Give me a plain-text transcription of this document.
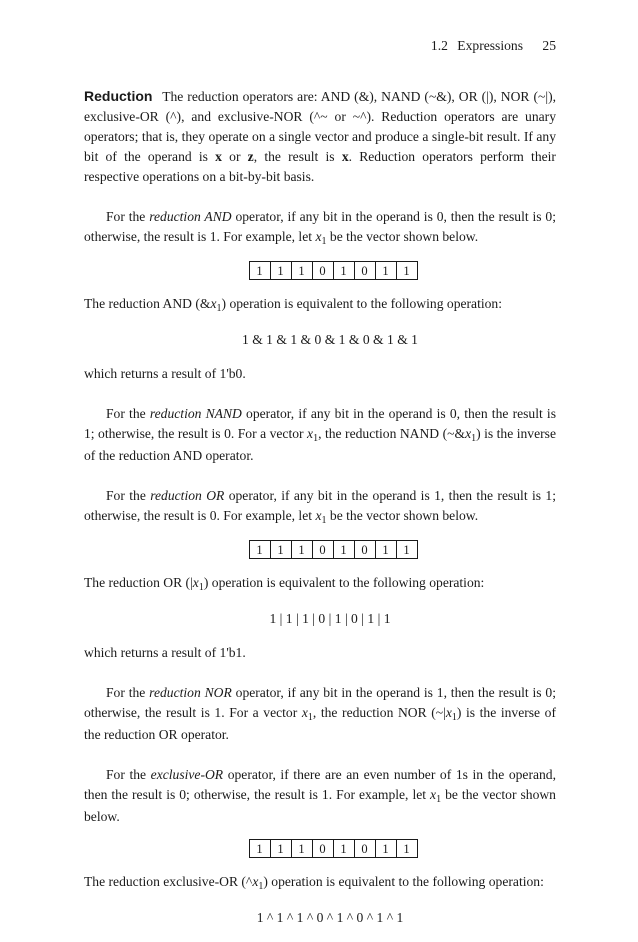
1.2 Expressions 25

Reduction The reduction operators are: AND (&), NAND (~&), OR (|), NOR (~|), exclusive-OR (^), and exclusive-NOR (^~ or ~^). Reduction operators are unary operators; that is, they operate on a single vector and produce a single-bit result. If any bit of the operand is x or z, the result is x. Reduction operators perform their respective operations on a bit-by-bit basis.

For the reduction AND operator, if any bit in the operand is 0, then the result is 0; otherwise, the result is 1. For example, let $x_1$ be the vector shown below.

1	1	1	0	1	0	1	1

The reduction AND $(\&x_1)$ operation is equivalent to the following operation:

1 & 1 & 1 & 0 & 1 & 0 & 1 & 1

which returns a result of 1'b0.

For the reduction NAND operator, if any bit in the operand is 0, then the result is 1; otherwise, the result is 0. For a vector $x_1$, the reduction NAND $(\sim\&x_1)$ is the inverse of the reduction AND operator.

For the reduction OR operator, if any bit in the operand is 1, then the result is 1; otherwise, the result is 0. For example, let $x_1$ be the vector shown below.

1	1	1	0	1	0	1	1

The reduction OR $(|x_1)$ operation is equivalent to the following operation:

1 | 1 | 1 | 0 | 1 | 0 | 1 | 1

which returns a result of 1'b1.

For the reduction NOR operator, if any bit in the operand is 1, then the result is 0; otherwise, the result is 1. For a vector $x_1$, the reduction NOR $(\sim|x_1)$ is the inverse of the reduction OR operator.

For the exclusive-OR operator, if there are an even number of 1s in the operand, then the result is 0; otherwise, the result is 1. For example, let $x_1$ be the vector shown below.

1	1	1	0	1	0	1	1

The reduction exclusive-OR $(\^{}x_1)$ operation is equivalent to the following operation:

1 ^ 1 ^ 1 ^ 0 ^ 1 ^ 0 ^ 1 ^ 1
